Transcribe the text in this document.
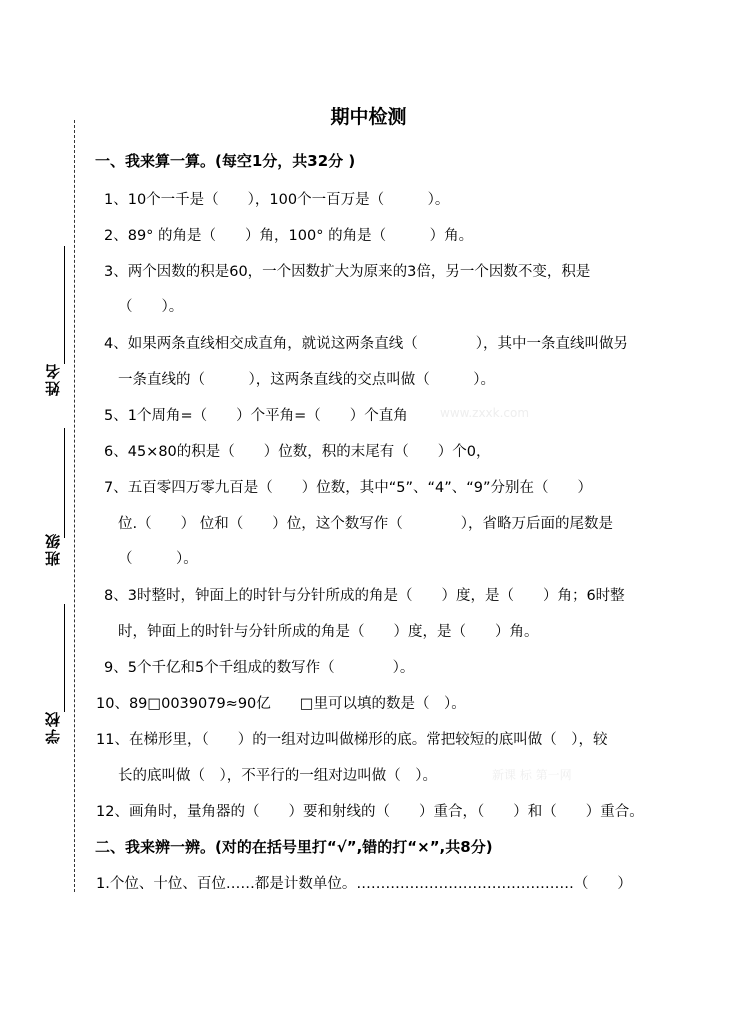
姓名
班级
学校
期中检测
一、我来算一算。(每空1分，共32分 )
1、10个一千是（　　），100个一百万是（　　　）。
2、89° 的角是（　　）角，100° 的角是（　　　）角。
3、两个因数的积是60，一个因数扩大为原来的3倍，另一个因数不变，积是
（　　）。
4、如果两条直线相交成直角，就说这两条直线（　　　　），其中一条直线叫做另
一条直线的（　　　），这两条直线的交点叫做（　　　）。
5、1个周角=（　　）个平角=（　　）个直角	www.zxxk.com
6、45×80的积是（　　）位数，积的末尾有（　　）个0，
7、五百零四万零九百是（　　）位数，其中“5”、“4”、“9”分别在（　　）
位.（　　） 位和（　　）位，这个数写作（　　　　），省略万后面的尾数是
（　　　）。
8、3时整时，钟面上的时针与分针所成的角是（　　）度，是（　　）角；6时整
时，钟面上的时针与分针所成的角是（　　）度，是（　　）角。
9、5个千亿和5个千组成的数写作（　　　　）。
10、89□0039079≈90亿　　□里可以填的数是（　）。
11、在梯形里，（　　）的一组对边叫做梯形的底。常把较短的底叫做（　），较
长的底叫做（　），不平行的一组对边叫做（　）。	新课 标 第一网
12、画角时，量角器的（　　）要和射线的（　　）重合，（　　）和（　　）重合。
二、我来辨一辨。(对的在括号里打“√”,错的打“×”,共8分)
1.个位、十位、百位……都是计数单位。………………………………………（　　）
